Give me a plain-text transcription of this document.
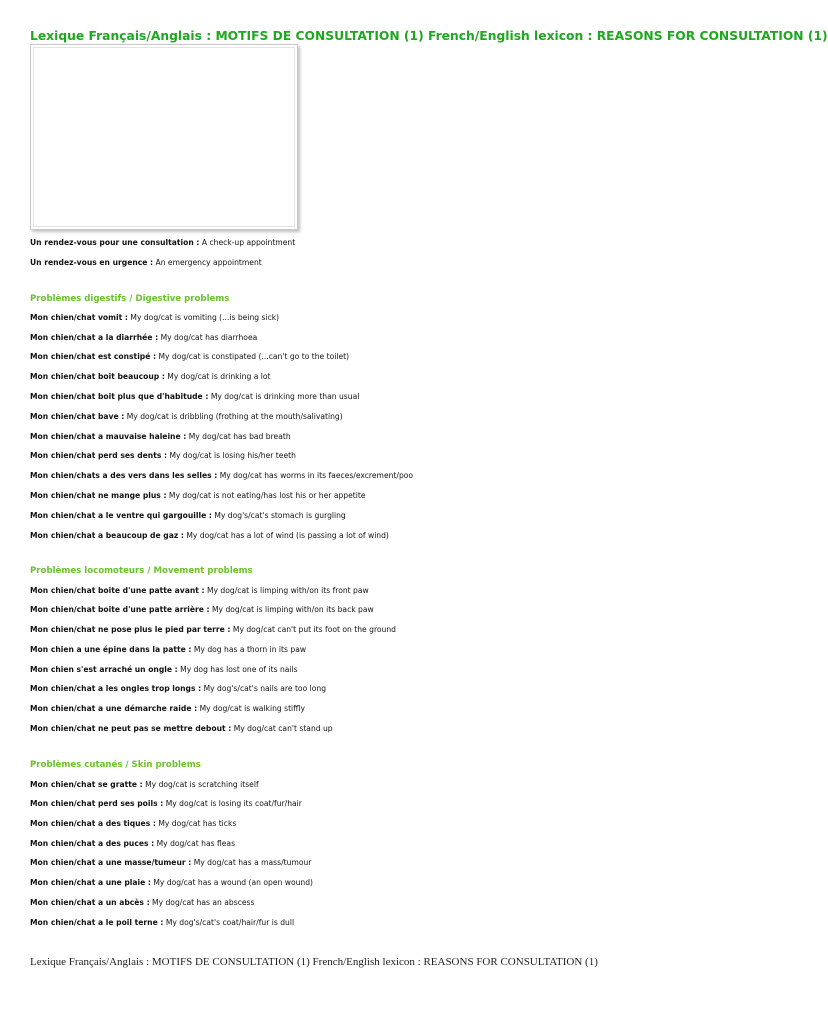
Lexique Français/Anglais : MOTIFS DE CONSULTATION (1) French/English lexicon : REASONS FOR CONSULTATION (1)
Un rendez-vous pour une consultation : A check-up appointment
Un rendez-vous en urgence : An emergency appointment
Problèmes digestifs / Digestive problems
Mon chien/chat vomit : My dog/cat is vomiting (...is being sick)
Mon chien/chat a la diarrhée : My dog/cat has diarrhoea
Mon chien/chat est constipé : My dog/cat is constipated (...can't go to the toilet)
Mon chien/chat boit beaucoup : My dog/cat is drinking a lot
Mon chien/chat boit plus que d'habitude : My dog/cat is drinking more than usual
Mon chien/chat bave : My dog/cat is dribbling (frothing at the mouth/salivating)
Mon chien/chat a mauvaise haleine : My dog/cat has bad breath
Mon chien/chat perd ses dents : My dog/cat is losing his/her teeth
Mon chien/chats a des vers dans les selles : My dog/cat has worms in its faeces/excrement/poo
Mon chien/chat ne mange plus : My dog/cat is not eating/has lost his or her appetite
Mon chien/chat a le ventre qui gargouille : My dog's/cat's stomach is gurgling
Mon chien/chat a beaucoup de gaz : My dog/cat has a lot of wind (is passing a lot of wind)
Problèmes locomoteurs / Movement problems
Mon chien/chat boite d'une patte avant : My dog/cat is limping with/on its front paw
Mon chien/chat boite d'une patte arrière : My dog/cat is limping with/on its back paw
Mon chien/chat ne pose plus le pied par terre : My dog/cat can't put its foot on the ground
Mon chien a une épine dans la patte : My dog has a thorn in its paw
Mon chien s'est arraché un ongle : My dog has lost one of its nails
Mon chien/chat a les ongles trop longs : My dog's/cat's nails are too long
Mon chien/chat a une démarche raide : My dog/cat is walking stiffly
Mon chien/chat ne peut pas se mettre debout : My dog/cat can't stand up
Problèmes cutanés / Skin problems
Mon chien/chat se gratte : My dog/cat is scratching itself
Mon chien/chat perd ses poils : My dog/cat is losing its coat/fur/hair
Mon chien/chat a des tiques : My dog/cat has ticks
Mon chien/chat a des puces : My dog/cat has fleas
Mon chien/chat a une masse/tumeur : My dog/cat has a mass/tumour
Mon chien/chat a une plaie : My dog/cat has a wound (an open wound)
Mon chien/chat a un abcès : My dog/cat has an abscess
Mon chien/chat a le poil terne : My dog's/cat's coat/hair/fur is dull
Lexique Français/Anglais : MOTIFS DE CONSULTATION (1) French/English lexicon : REASONS FOR CONSULTATION (1)
